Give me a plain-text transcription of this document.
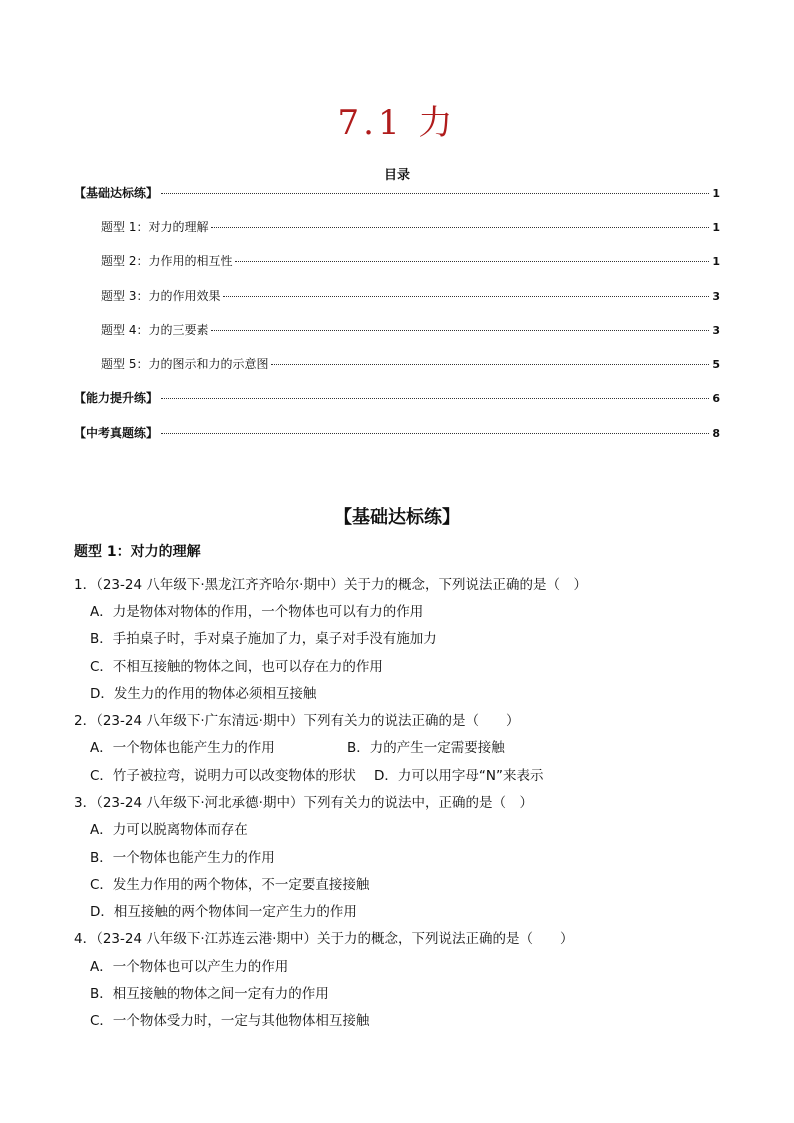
7.1 力
目录
【基础达标练】	1
题型 1：对力的理解	1
题型 2：力作用的相互性	1
题型 3：力的作用效果	3
题型 4：力的三要素	3
题型 5：力的图示和力的示意图	5
【能力提升练】	6
【中考真题练】	8
【基础达标练】
题型 1：对力的理解
1．（23-24 八年级下·黑龙江齐齐哈尔·期中）关于力的概念，下列说法正确的是（　）
A．力是物体对物体的作用，一个物体也可以有力的作用
B．手拍桌子时，手对桌子施加了力，桌子对手没有施加力
C．不相互接触的物体之间，也可以存在力的作用
D．发生力的作用的物体必须相互接触
2．（23-24 八年级下·广东清远·期中）下列有关力的说法正确的是（　　）
A．一个物体也能产生力的作用	B．力的产生一定需要接触
C．竹子被拉弯，说明力可以改变物体的形状 D．力可以用字母“N”来表示
3．（23-24 八年级下·河北承德·期中）下列有关力的说法中，正确的是（　）
A．力可以脱离物体而存在
B．一个物体也能产生力的作用
C．发生力作用的两个物体，不一定要直接接触
D．相互接触的两个物体间一定产生力的作用
4．（23-24 八年级下·江苏连云港·期中）关于力的概念，下列说法正确的是（　　）
A．一个物体也可以产生力的作用
B．相互接触的物体之间一定有力的作用
C．一个物体受力时，一定与其他物体相互接触
